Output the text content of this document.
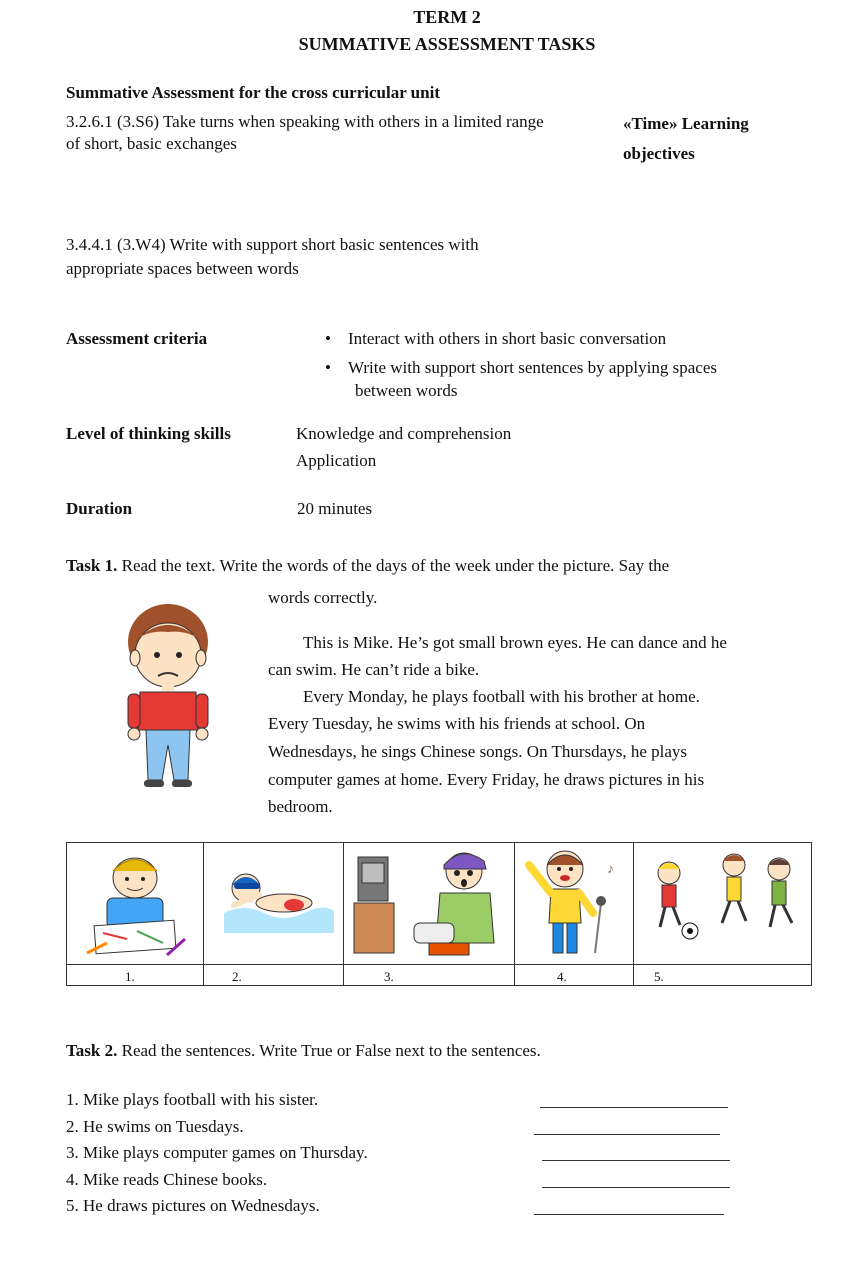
TERM 2
SUMMATIVE ASSESSMENT TASKS
Summative Assessment for the cross curricular unit
3.2.6.1 (3.S6) Take turns when speaking with others in a limited range
of short, basic exchanges
«Time» Learning
objectives
3.4.4.1 (3.W4) Write with support short basic sentences with
appropriate spaces between words
Assessment criteria	• Interact with others in short basic conversation
• Write with support short sentences by applying spaces
between words
Level of thinking skills	Knowledge and comprehension
Application
Duration	20 minutes
Task 1. Read the text. Write the words of the days of the week under the picture. Say the
words correctly.
This is Mike. He’s got small brown eyes. He can dance and he
can swim. He can’t ride a bike.
Every Monday, he plays football with his brother at home.
Every Tuesday, he swims with his friends at school. On
Wednesdays, he sings Chinese songs. On Thursdays, he plays
computer games at home. Every Friday, he draws pictures in his
bedroom.

♪

1.	2.	3.	4.	5.
Task 2. Read the sentences. Write True or False next to the sentences.
1. Mike plays football with his sister.
2. He swims on Tuesdays.
3. Mike plays computer games on Thursday.
4. Mike reads Chinese books.
5. He draws pictures on Wednesdays.
